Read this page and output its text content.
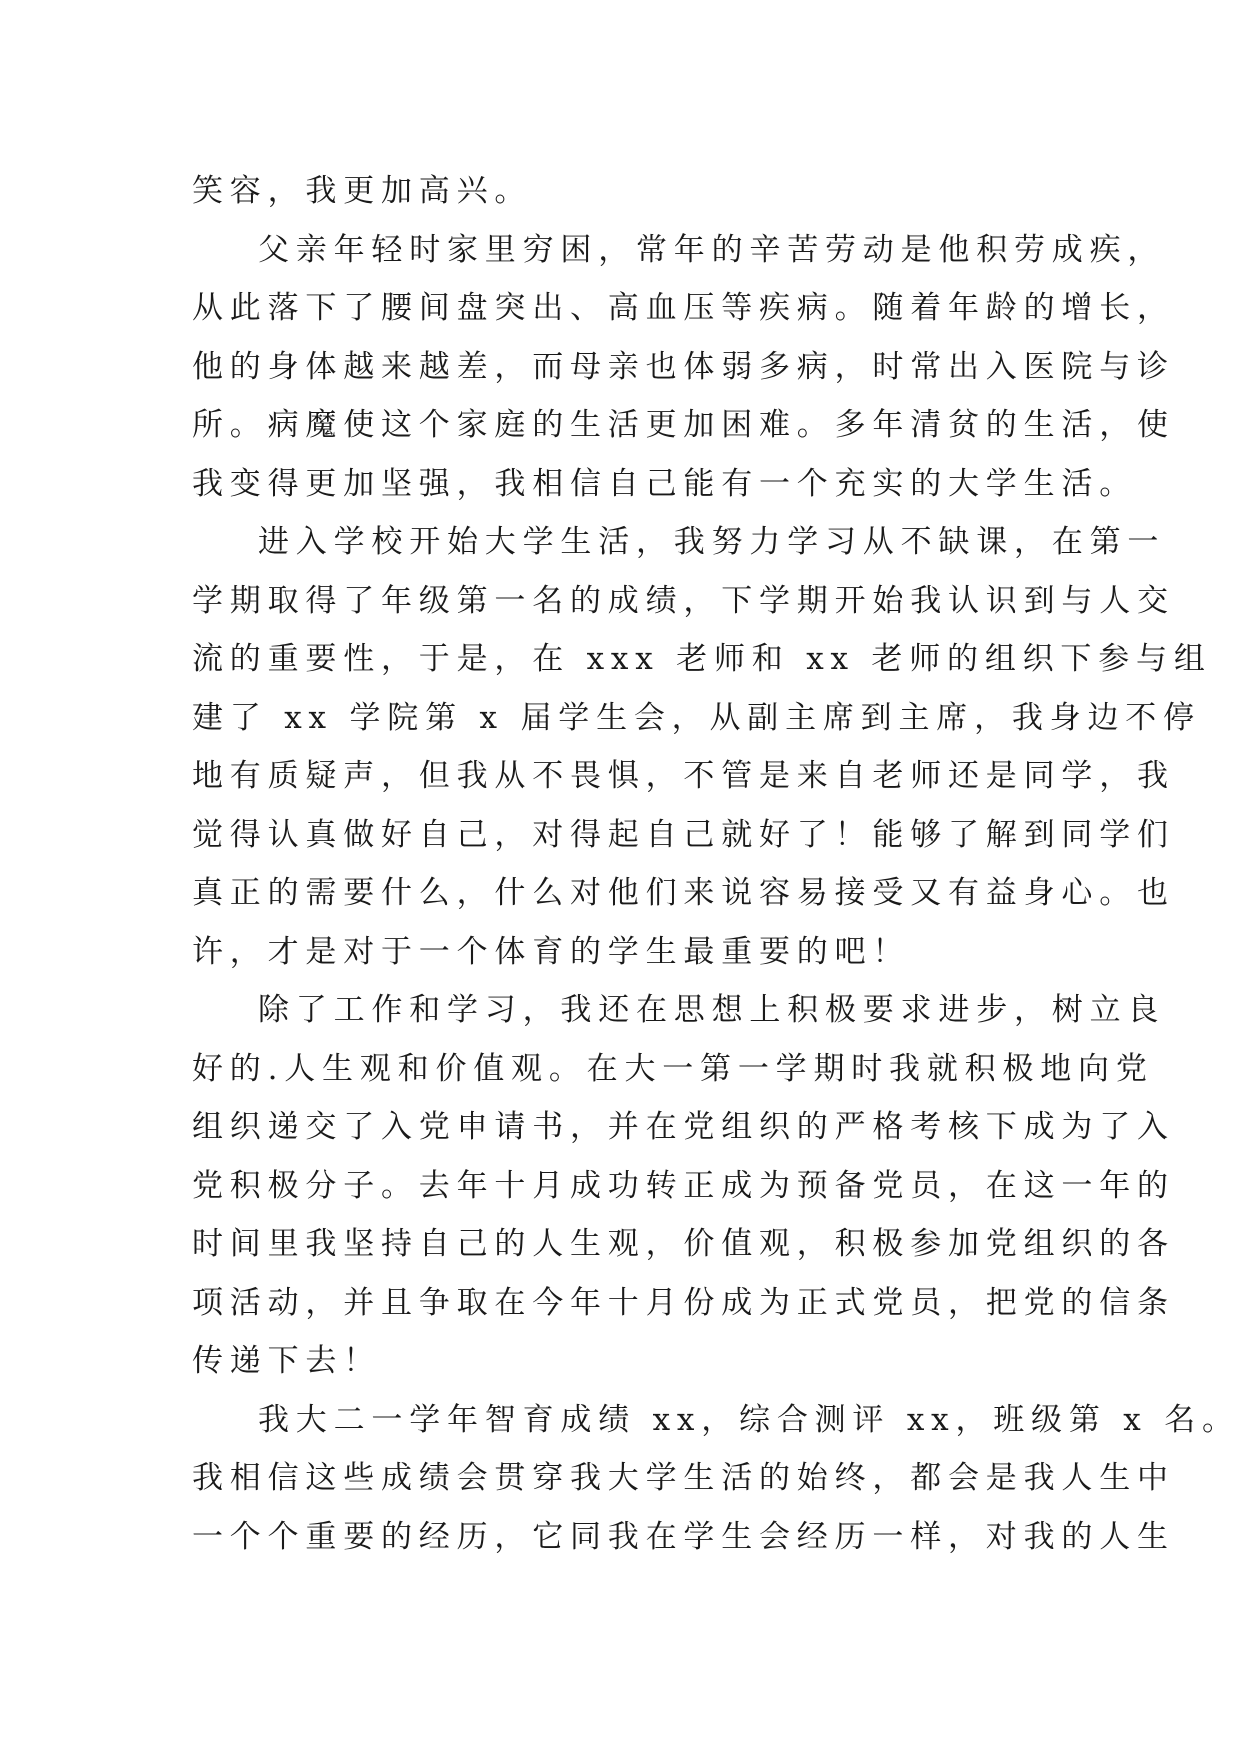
笑容，我更加高兴。
父亲年轻时家里穷困，常年的辛苦劳动是他积劳成疾，
从此落下了腰间盘突出、高血压等疾病。随着年龄的增长，
他的身体越来越差，而母亲也体弱多病，时常出入医院与诊
所。病魔使这个家庭的生活更加困难。多年清贫的生活，使
我变得更加坚强，我相信自己能有一个充实的大学生活。
进入学校开始大学生活，我努力学习从不缺课，在第一
学期取得了年级第一名的成绩，下学期开始我认识到与人交
流的重要性，于是，在 xxx 老师和 xx 老师的组织下参与组
建了 xx 学院第 x 届学生会，从副主席到主席，我身边不停
地有质疑声，但我从不畏惧，不管是来自老师还是同学，我
觉得认真做好自己，对得起自己就好了！能够了解到同学们
真正的需要什么，什么对他们来说容易接受又有益身心。也
许，才是对于一个体育的学生最重要的吧！
除了工作和学习，我还在思想上积极要求进步，树立良
好的.人生观和价值观。在大一第一学期时我就积极地向党
组织递交了入党申请书，并在党组织的严格考核下成为了入
党积极分子。去年十月成功转正成为预备党员，在这一年的
时间里我坚持自己的人生观，价值观，积极参加党组织的各
项活动，并且争取在今年十月份成为正式党员，把党的信条
传递下去！
我大二一学年智育成绩 xx，综合测评 xx，班级第 x 名。
我相信这些成绩会贯穿我大学生活的始终，都会是我人生中
一个个重要的经历，它同我在学生会经历一样，对我的人生
